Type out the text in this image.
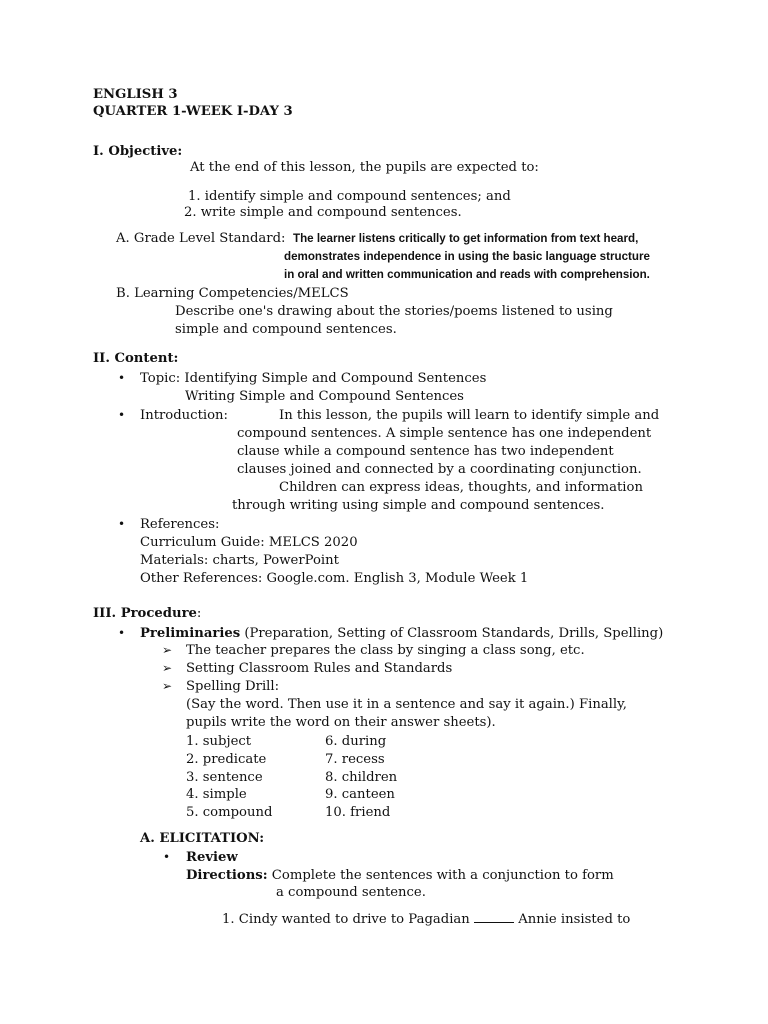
ENGLISH 3
QUARTER 1-WEEK I-DAY 3
I. Objective:
At the end of this lesson, the pupils are expected to:
1. identify simple and compound sentences; and
2. write simple and compound sentences.
A. Grade Level Standard: The learner listens critically to get information from text heard,
demonstrates independence in using the basic language structure
in oral and written communication and reads with comprehension.
B. Learning Competencies/MELCS
Describe one's drawing about the stories/poems listened to using
simple and compound sentences.
II. Content:
• Topic: Identifying Simple and Compound Sentences
Writing Simple and Compound Sentences
• Introduction:	In this lesson, the pupils will learn to identify simple and
compound sentences. A simple sentence has one independent
clause while a compound sentence has two independent
clauses joined and connected by a coordinating conjunction.
Children can express ideas, thoughts, and information
through writing using simple and compound sentences.
• References:
Curriculum Guide: MELCS 2020
Materials: charts, PowerPoint
Other References: Google.com. English 3, Module Week 1
III. Procedure:
• Preliminaries (Preparation, Setting of Classroom Standards, Drills, Spelling)
➢ The teacher prepares the class by singing a class song, etc.
➢ Setting Classroom Rules and Standards
➢ Spelling Drill:
(Say the word. Then use it in a sentence and say it again.) Finally,
pupils write the word on their answer sheets).
1. subject
2. predicate
3. sentence
4. simple
5. compound
6. during
7. recess
8. children
9. canteen
10. friend
A. ELICITATION:
• Review
Directions: Complete the sentences with a conjunction to form
a compound sentence.
1. Cindy wanted to drive to Pagadian	Annie insisted to
